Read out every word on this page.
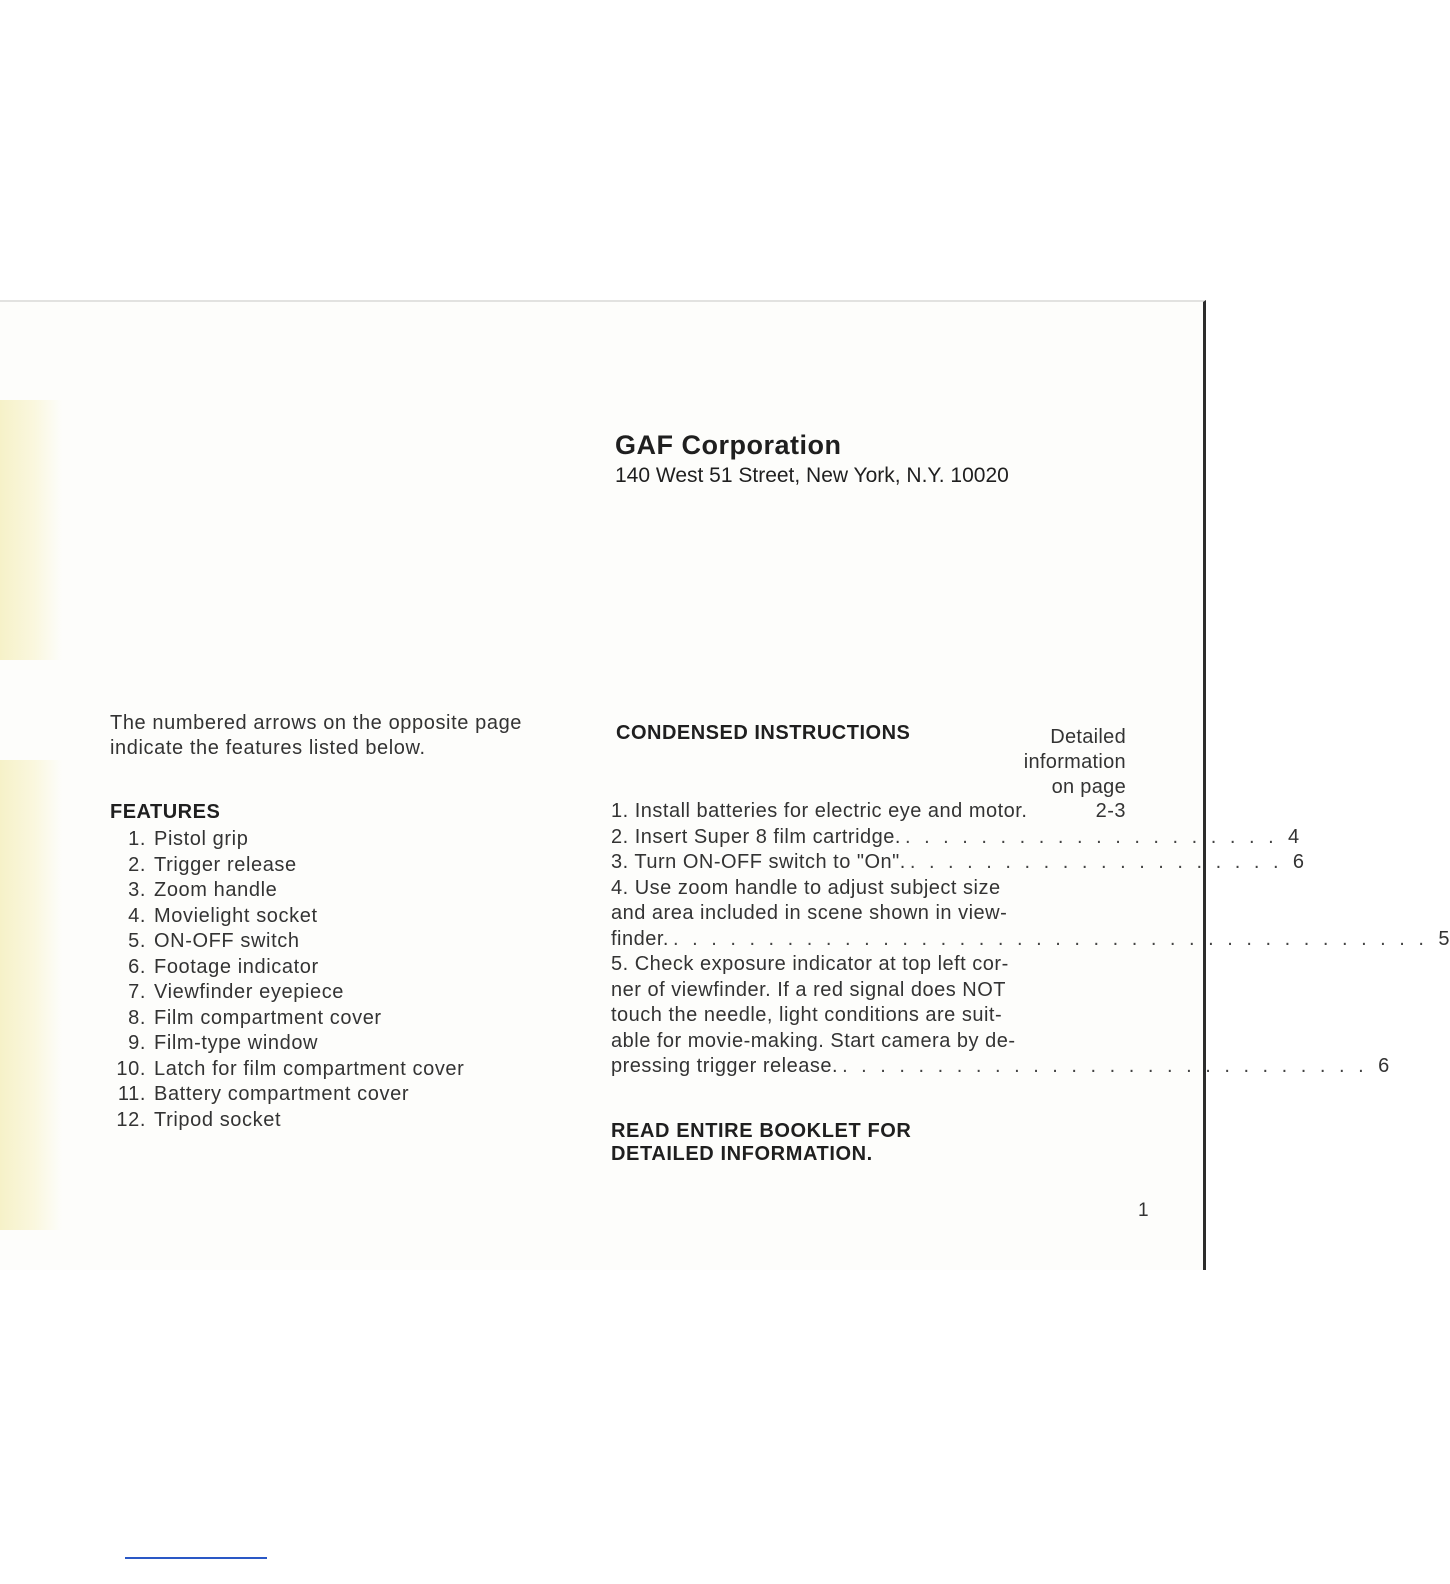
GAF Corporation

140 West 51 Street, New York, N.Y. 10020

The numbered arrows on the opposite page indicate the features listed below.

FEATURES
1. Pistol grip
2. Trigger release
3. Zoom handle
4. Movielight socket
5. ON-OFF switch
6. Footage indicator
7. Viewfinder eyepiece
8. Film compartment cover
9. Film-type window
10. Latch for film compartment cover
11. Battery compartment cover
12. Tripod socket
CONDENSED INSTRUCTIONS	Detailed
information
on page
1. Install batteries for electric eye and motor.	2-3
2. Insert Super 8 film cartridge. . . . . . . . . . . . . . . . . . . . . 4
3. Turn ON-OFF switch to "On". . . . . . . . . . . . . . . . . . . . . 6
4. Use zoom handle to adjust subject size
and area included in scene shown in view-
finder. . . . . . . . . . . . . . . . . . . . . . . . . . . . . . . . . . . . . . . . . 5
5. Check exposure indicator at top left cor-
ner of viewfinder. If a red signal does NOT
touch the needle, light conditions are suit-
able for movie-making. Start camera by de-
pressing trigger release. . . . . . . . . . . . . . . . . . . . . . . . . . . . . 6

READ ENTIRE BOOKLET FOR
DETAILED INFORMATION.

1
